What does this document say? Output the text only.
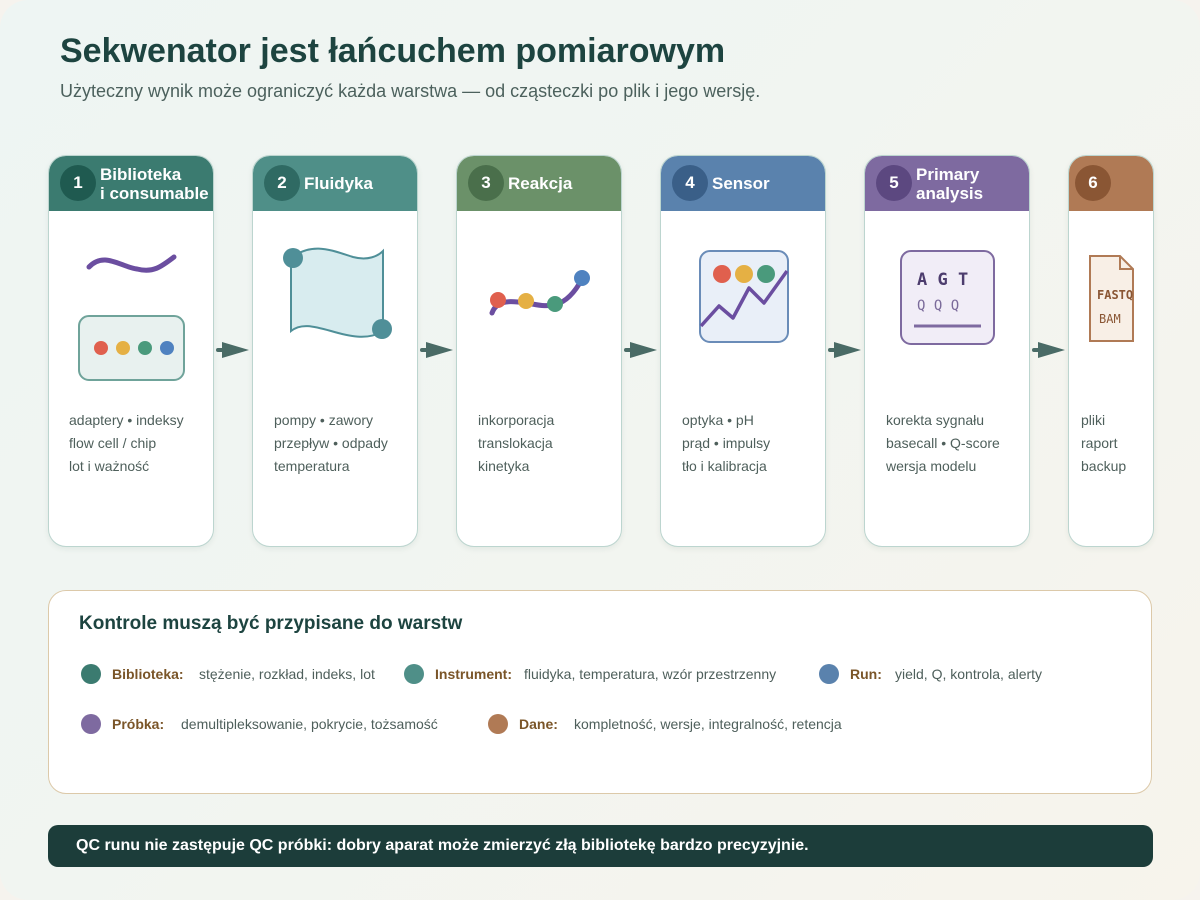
Sekwenator jest łańcuchem pomiarowym
Użyteczny wynik może ograniczyć każda warstwa — od cząsteczki po plik i jego wersję.
1	Biblioteka
i consumable
adaptery • indeksy
flow cell / chip
lot i ważność
2	Fluidyka
pompy • zawory
przepływ • odpady
temperatura
3	Reakcja
inkorporacja
translokacja
kinetyka
4	Sensor
optyka • pH
prąd • impulsy
tło i kalibracja
5	Primary
analysis
A G T
Q Q Q
korekta sygnału
basecall • Q-score
wersja modelu
6
FASTQ
BAM
pliki
raport
backup
Kontrole muszą być przypisane do warstw
Biblioteka: stężenie, rozkład, indeks, lot	Instrument: fluidyka, temperatura, wzór przestrzenny	Run: yield, Q, kontrola, alerty
Próbka: demultipleksowanie, pokrycie, tożsamość	Dane: kompletność, wersje, integralność, retencja
QC runu nie zastępuje QC próbki: dobry aparat może zmierzyć złą bibliotekę bardzo precyzyjnie.
